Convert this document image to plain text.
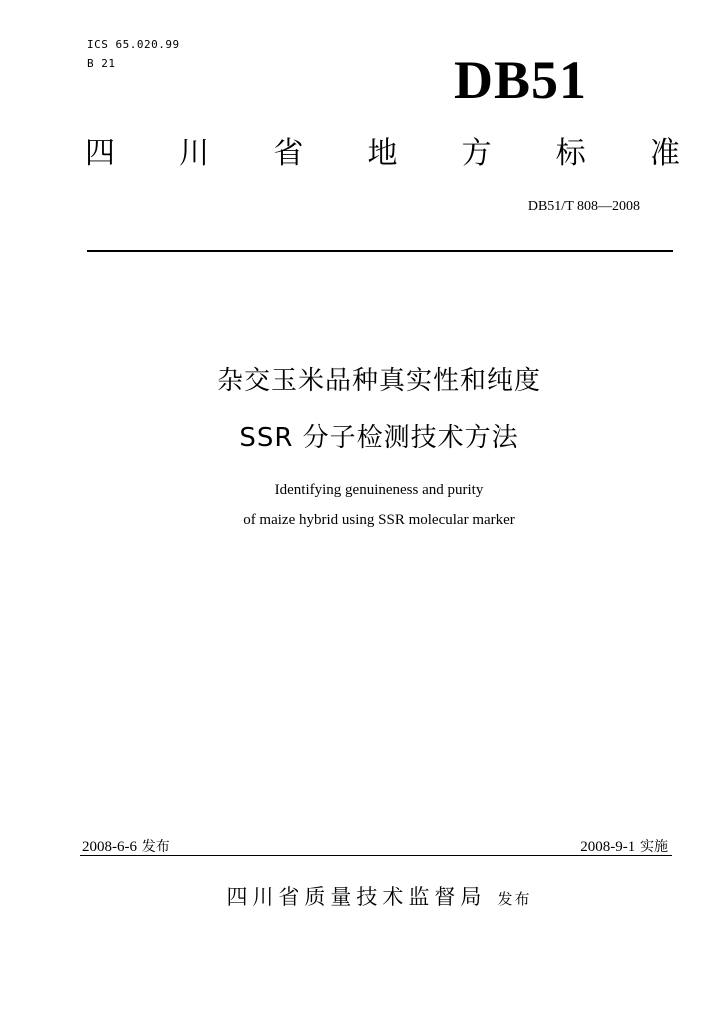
ICS 65.020.99
B 21	DB51
四 川 省 地 方 标 准
DB51/T 808—2008
杂交玉米品种真实性和纯度
SSR 分子检测技术方法
Identifying genuineness and purity
of maize hybrid using SSR molecular marker
2008-6-6 发布	2008-9-1 实施
四川省质量技术监督局 发布
